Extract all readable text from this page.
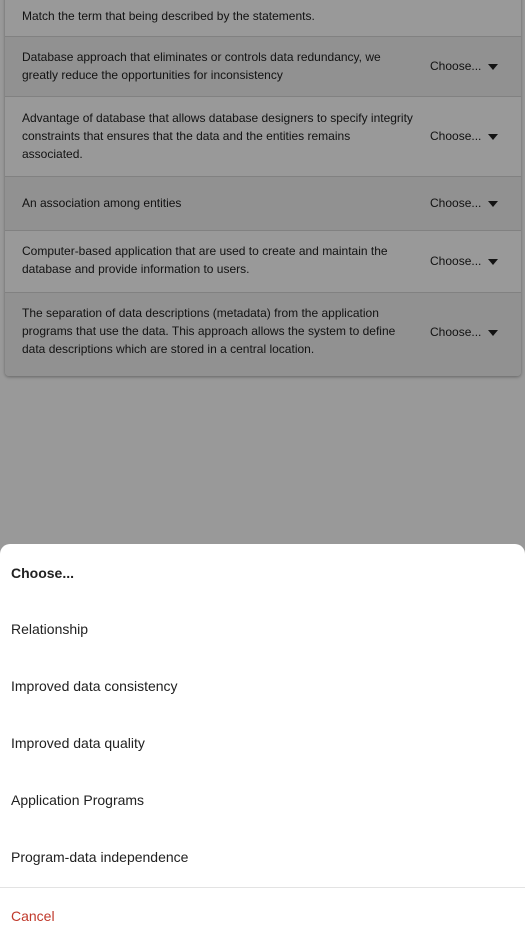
Match the term that being described by the statements.
Database approach that eliminates or controls data redundancy, we greatly reduce the opportunities for inconsistency
Choose...
Advantage of database that allows database designers to specify integrity constraints that ensures that the data and the entities remains associated.
Choose...
An association among entities	Choose...
Computer-based application that are used to create and maintain the database and provide information to users.
Choose...
The separation of data descriptions (metadata) from the application programs that use the data. This approach allows the system to define data descriptions which are stored in a central location.
Choose...
Choose...
Relationship
Improved data consistency
Improved data quality
Application Programs
Program-data independence
Cancel
